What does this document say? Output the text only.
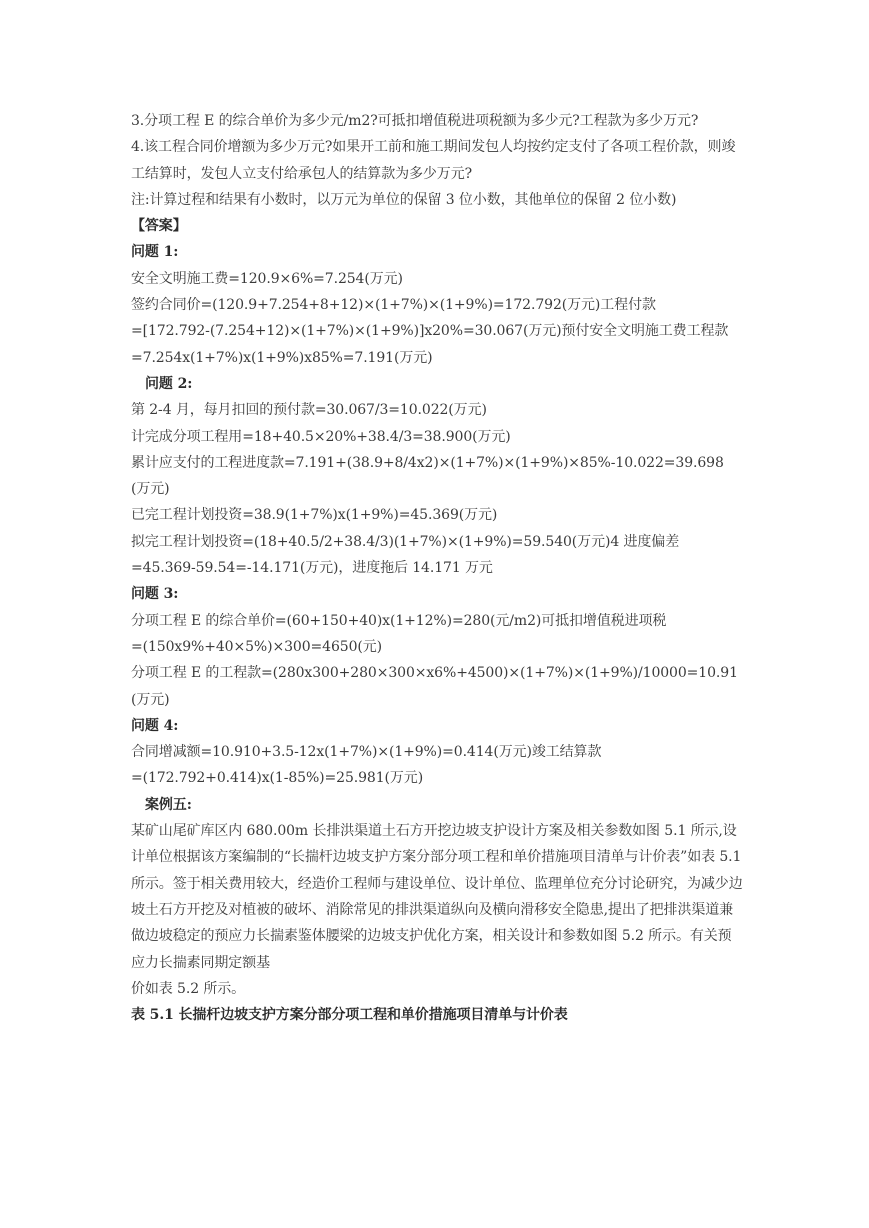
3.分项工程 E 的综合单价为多少元/m2?可抵扣增值税进项税额为多少元?工程款为多少万元?

4.该工程合同价增额为多少万元?如果开工前和施工期间发包人均按约定支付了各项工程价款，则竣工结算时，发包人立支付给承包人的结算款为多少万元?

注:计算过程和结果有小数时，以万元为单位的保留 3 位小数，其他单位的保留 2 位小数)

【答案】

问题 1:

安全文明施工费=120.9×6%=7.254(万元)

签约合同价=(120.9+7.254+8+12)×(1+7%)×(1+9%)=172.792(万元)工程付款

=[172.792-(7.254+12)×(1+7%)×(1+9%)]x20%=30.067(万元)预付安全文明施工费工程款

=7.254x(1+7%)x(1+9%)x85%=7.191(万元)

问题 2:

第 2-4 月，每月扣回的预付款=30.067/3=10.022(万元)

计完成分项工程用=18+40.5×20%+38.4/3=38.900(万元)

累计应支付的工程进度款=7.191+(38.9+8/4x2)×(1+7%)×(1+9%)×85%-10.022=39.698(万元)

已完工程计划投资=38.9(1+7%)x(1+9%)=45.369(万元)

拟完工程计划投资=(18+40.5/2+38.4/3)(1+7%)×(1+9%)=59.540(万元)4 进度偏差

=45.369-59.54=-14.171(万元)，进度拖后 14.171 万元

问题 3:

分项工程 E 的综合单价=(60+150+40)x(1+12%)=280(元/m2)可抵扣增值税进项税

=(150x9%+40×5%)×300=4650(元)

分项工程 E 的工程款=(280x300+280×300×x6%+4500)×(1+7%)×(1+9%)/10000=10.91(万元)

问题 4:

合同增减额=10.910+3.5-12x(1+7%)×(1+9%)=0.414(万元)竣工结算款

=(172.792+0.414)x(1-85%)=25.981(万元)

案例五:

某矿山尾矿库区内 680.00m 长排洪渠道土石方开挖边坡支护设计方案及相关参数如图 5.1 所示,设计单位根据该方案编制的“长揣杆边坡支护方案分部分项工程和单价措施项目清单与计价表”如表 5.1 所示。签于相关费用较大，经造价工程师与建设单位、设计单位、监理单位充分讨论研究，为减少边坡土石方开挖及对植被的破坏、消除常见的排洪渠道纵向及横向滑移安全隐患,提出了把排洪渠道兼做边坡稳定的预应力长揣素鉴体腰梁的边坡支护优化方案，相关设计和参数如图 5.2 所示。有关预应力长揣素同期定额基

价如表 5.2 所示。

表 5.1 长揣杆边坡支护方案分部分项工程和单价措施项目清单与计价表
